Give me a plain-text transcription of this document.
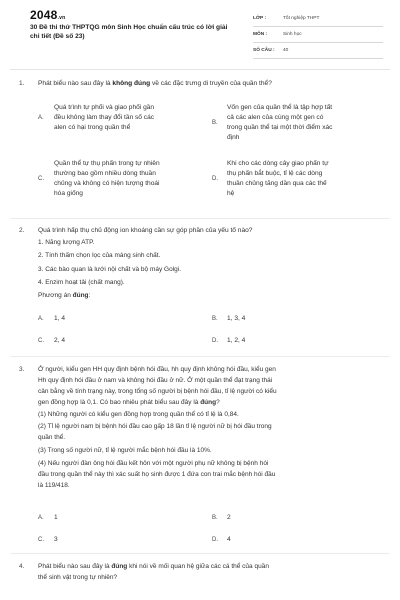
2048.vn
30 Đề thi thử THPTQG môn Sinh Học chuẩn cấu trúc có lời giải chi tiết (Đề số 23)
LỚP :	Tốt nghiệp THPT
MÔN :	Sinh học
SỐ CÂU : 40
1. Phát biểu nào sau đây là không đúng về các đặc trưng di truyền của quần thể?
A.
Quá trình tự phối và giao phối gần
đều không làm thay đổi tần số các
alen có hại trong quần thể
B.
Vốn gen của quần thể là tập hợp tất
cả các alen của cùng một gen có
trong quần thể tại một thời điểm xác
định
C.
Quần thể tự thụ phấn trong tự nhiên
thường bao gồm nhiều dòng thuần
chủng và không có hiện tượng thoái
hóa giống
D.
Khi cho các dòng cây giao phấn tự
thụ phấn bắt buộc, tỉ lệ các dòng
thuần chủng tăng dần qua các thế
hệ
2. Quá trình hấp thụ chủ động ion khoáng cần sự góp phần của yếu tố nào?
1. Năng lượng ATP.
2. Tính thấm chọn lọc của màng sinh chất.
3. Các bào quan là lưới nội chất và bộ máy Golgi.
4. Enzim hoạt tải (chất mang).
Phương án đúng:
A. 1, 4	B. 1, 3, 4
C. 2, 4	D. 1, 2, 4
3. Ở người, kiểu gen HH quy định bệnh hói đầu, hh quy định không hói đầu, kiểu gen
Hh quy định hói đầu ở nam và không hói đầu ở nữ. Ở một quần thể đạt trạng thái
cân bằng về tính trạng này, trong tổng số người bị bệnh hói đầu, tỉ lệ người có kiểu
gen đồng hợp là 0,1. Có bao nhiêu phát biểu sau đây là đúng?
(1) Những người có kiểu gen đồng hợp trong quần thể có tỉ lệ là 0,84.
(2) Tỉ lệ người nam bị bệnh hói đầu cao gấp 18 lần tỉ lệ người nữ bị hói đầu trong
quần thể.
(3) Trong số người nữ, tỉ lệ người mắc bệnh hói đầu là 10%.
(4) Nếu người đàn ông hói đầu kết hôn với một người phụ nữ không bị bệnh hói
đầu trong quần thể này thì xác suất họ sinh được 1 đứa con trai mắc bệnh hói đầu
là 119/418.
A. 1	B. 2
C. 3	D. 4
4. Phát biểu nào sau đây là đúng khi nói về mối quan hệ giữa các cá thể của quần
thể sinh vật trong tự nhiên?
